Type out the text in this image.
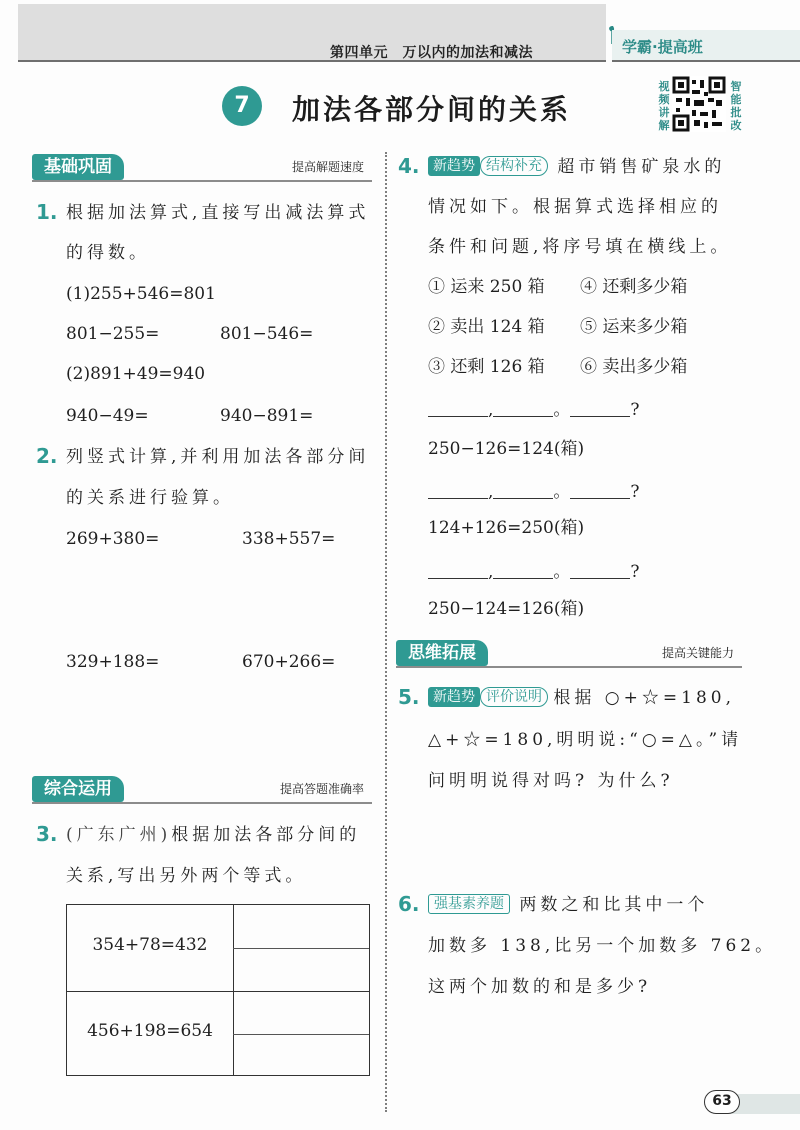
第四单元　万以内的加法和减法	学霸·提高班
7	加法各部分间的关系
视频讲解
智能批改
基础巩固	提高解题速度
1. 根据加法算式,直接写出减法算式
的得数。
(1)255+546=801
801−255=	801−546=
(2)891+49=940
940−49=	940−891=
2. 列竖式计算,并利用加法各部分间
的关系进行验算。
269+380=	338+557=
329+188=	670+266=
综合运用	提高答题准确率
3. (广东广州)根据加法各部分间的
关系,写出另外两个等式。
354+78=432
456+198=654
4. 新趋势 结构补充 超市销售矿泉水的
情况如下。根据算式选择相应的
条件和问题,将序号填在横线上。
① 运来 250 箱 ④ 还剩多少箱
② 卖出 124 箱 ⑤ 运来多少箱
③ 还剩 126 箱 ⑥ 卖出多少箱
,	。	?
250−126=124(箱)
,	。	?
124+126=250(箱)
,	。	?
250−124=126(箱)
思维拓展	提高关键能力
5. 新趋势 评价说明 根据 ○+☆=180,
△+☆=180,明明说:“○=△。”请
问明明说得对吗? 为什么?
6.	强基素养题 两数之和比其中一个
加数多 138,比另一个加数多 762。
这两个加数的和是多少?
63
